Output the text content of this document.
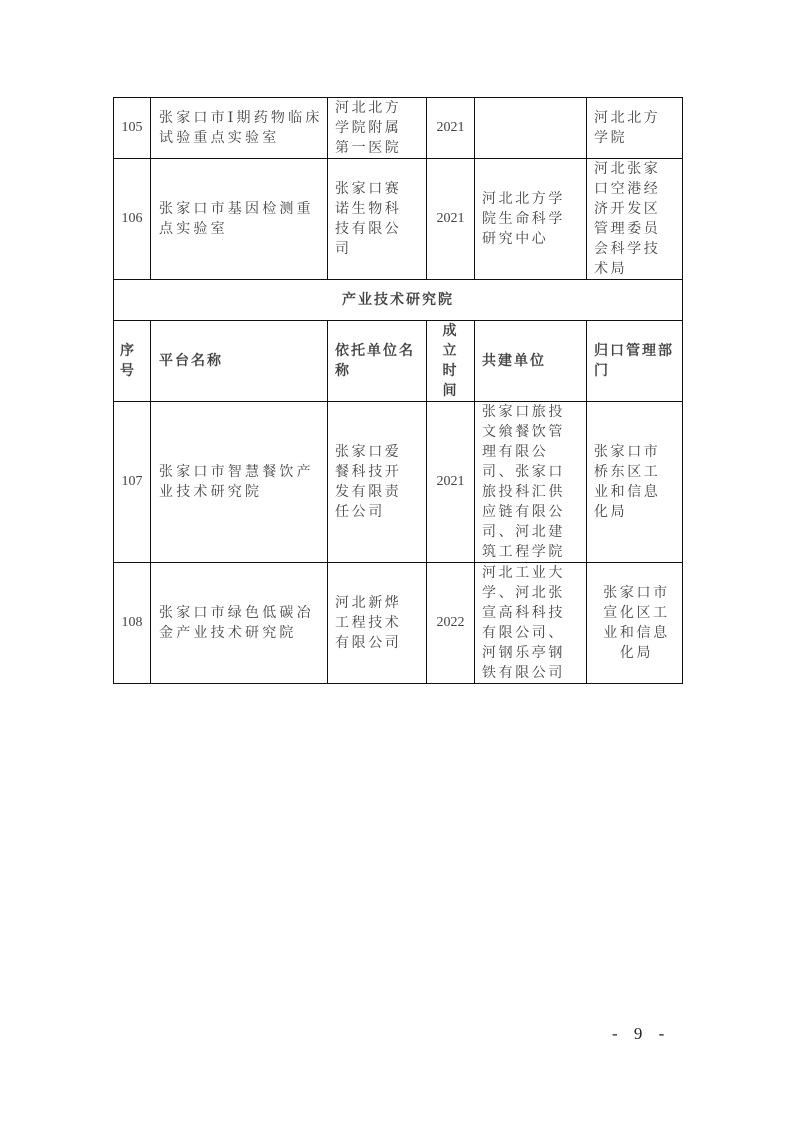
105	张家口市I期药物临床试验重点实验室	河北北方学院附属第一医院	2021		河北北方学院

106	张家口市基因检测重点实验室	张家口赛诺生物科技有限公司	2021	河北北方学院生命科学研究中心	河北张家口空港经济开发区管理委员会科学技术局

产业技术研究院					
序号	平台名称	依托单位名称	成立时间	共建单位	归口管理部门
107	张家口市智慧餐饮产业技术研究院	张家口爱餐科技开发有限责任公司	2021	张家口旅投文飨餐饮管理有限公司、张家口旅投科汇供应链有限公司、河北建筑工程学院	张家口市桥东区工业和信息化局

108	张家口市绿色低碳冶金产业技术研究院	河北新烨工程技术有限公司	2022	河北工业大学、河北张宣高科科技有限公司、河钢乐亭钢铁有限公司	张家口市宣化区工业和信息化局
- 9 -
